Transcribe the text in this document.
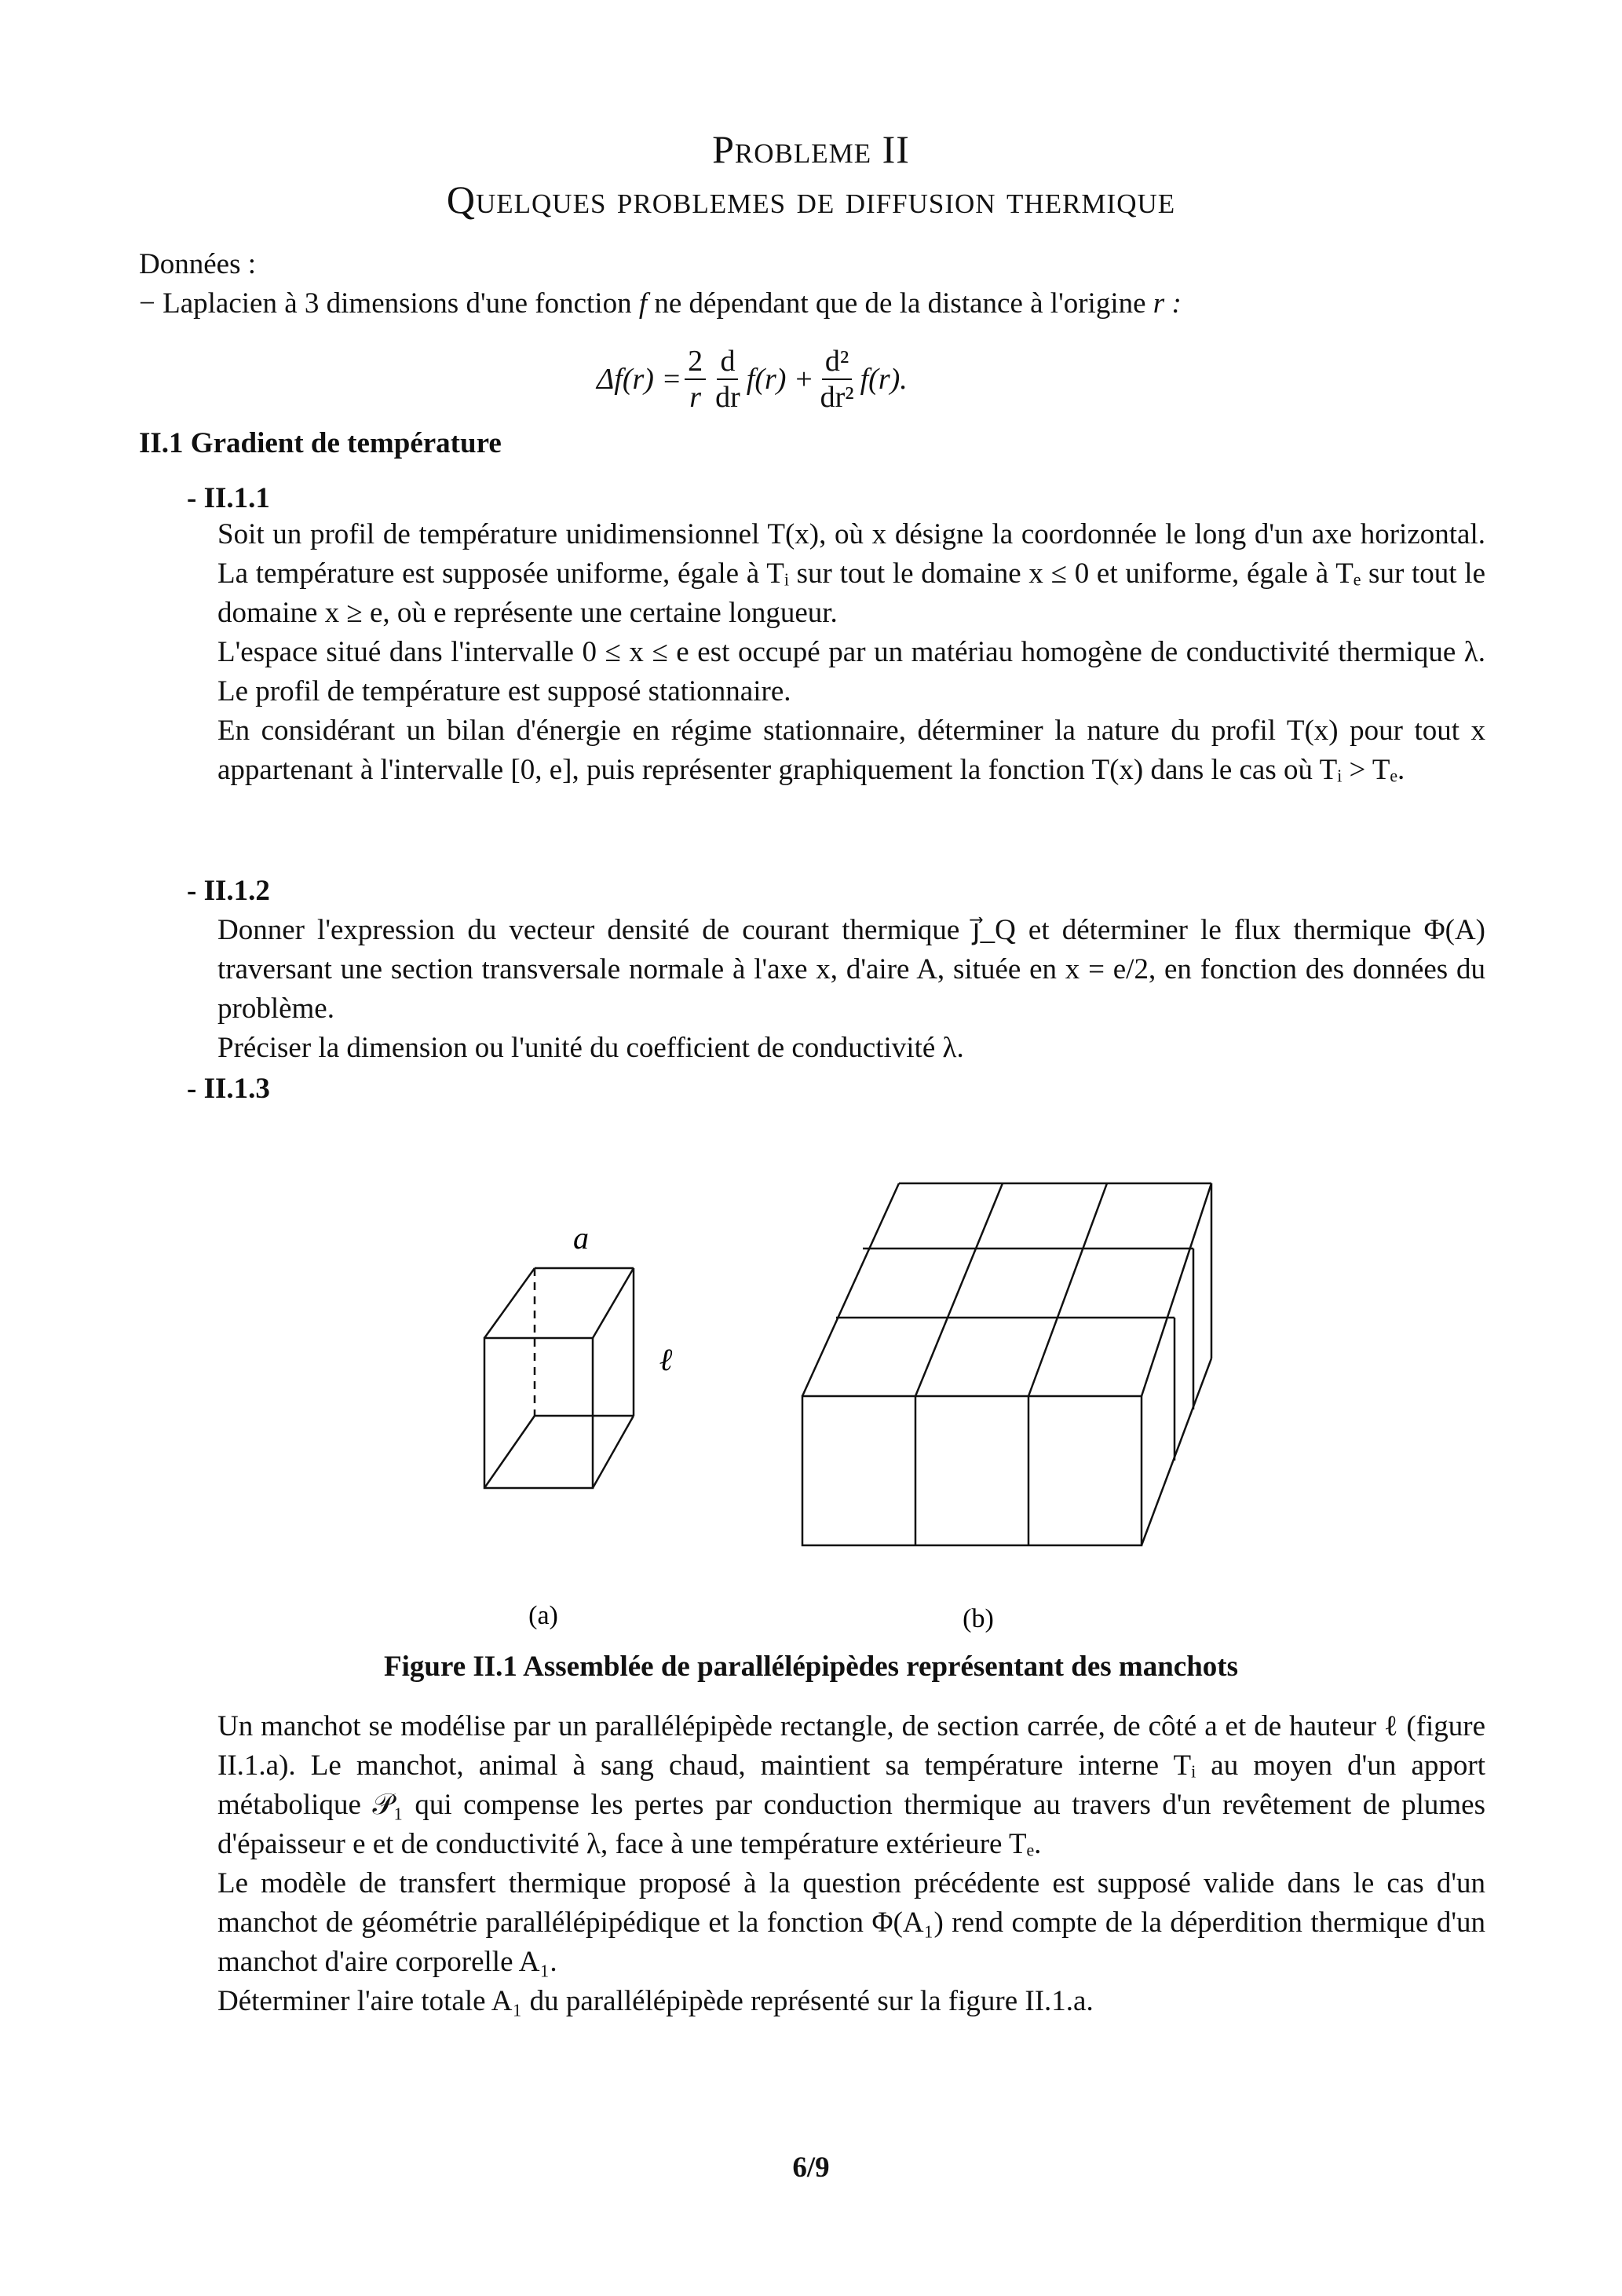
Probleme II
Quelques problemes de diffusion thermique
Données :
− Laplacien à 3 dimensions d'une fonction f ne dépendant que de la distance à l'origine r :
$\Delta f(r) = \frac{2}{r} \frac{d}{dr} f(r) + \frac{\text{d²}}{\text{dr²}} f(r)$.
II.1 Gradient de température
- II.1.1

Soit un profil de température unidimensionnel T(x), où x désigne la coordonnée le long d'un axe horizontal. La température est supposée uniforme, égale à Tᵢ sur tout le domaine x ≤ 0 et uniforme, égale à Tₑ sur tout le domaine x ≥ e, où e représente une certaine longueur.

L'espace situé dans l'intervalle 0 ≤ x ≤ e est occupé par un matériau homogène de conductivité thermique λ. Le profil de température est supposé stationnaire.

En considérant un bilan d'énergie en régime stationnaire, déterminer la nature du profil T(x) pour tout x appartenant à l'intervalle [0, e], puis représenter graphiquement la fonction T(x) dans le cas où Tᵢ > Tₑ.

- II.1.2

Donner l'expression du vecteur densité de courant thermique j⃗_Q et déterminer le flux thermique Φ(A) traversant une section transversale normale à l'axe x, d'aire A, située en x = e/2, en fonction des données du problème.

Préciser la dimension ou l'unité du coefficient de conductivité λ.

- II.1.3
a
ℓ
(a)	(b)
Figure II.1 Assemblée de parallélépipèdes représentant des manchots

Un manchot se modélise par un parallélépipède rectangle, de section carrée, de côté a et de hauteur ℓ (figure II.1.a). Le manchot, animal à sang chaud, maintient sa température interne Tᵢ au moyen d'un apport métabolique 𝒫₁ qui compense les pertes par conduction thermique au travers d'un revêtement de plumes d'épaisseur e et de conductivité λ, face à une température extérieure Tₑ.

Le modèle de transfert thermique proposé à la question précédente est supposé valide dans le cas d'un manchot de géométrie parallélépipédique et la fonction Φ(A₁) rend compte de la déperdition thermique d'un manchot d'aire corporelle A₁.

Déterminer l'aire totale A₁ du parallélépipède représenté sur la figure II.1.a.

6/9
